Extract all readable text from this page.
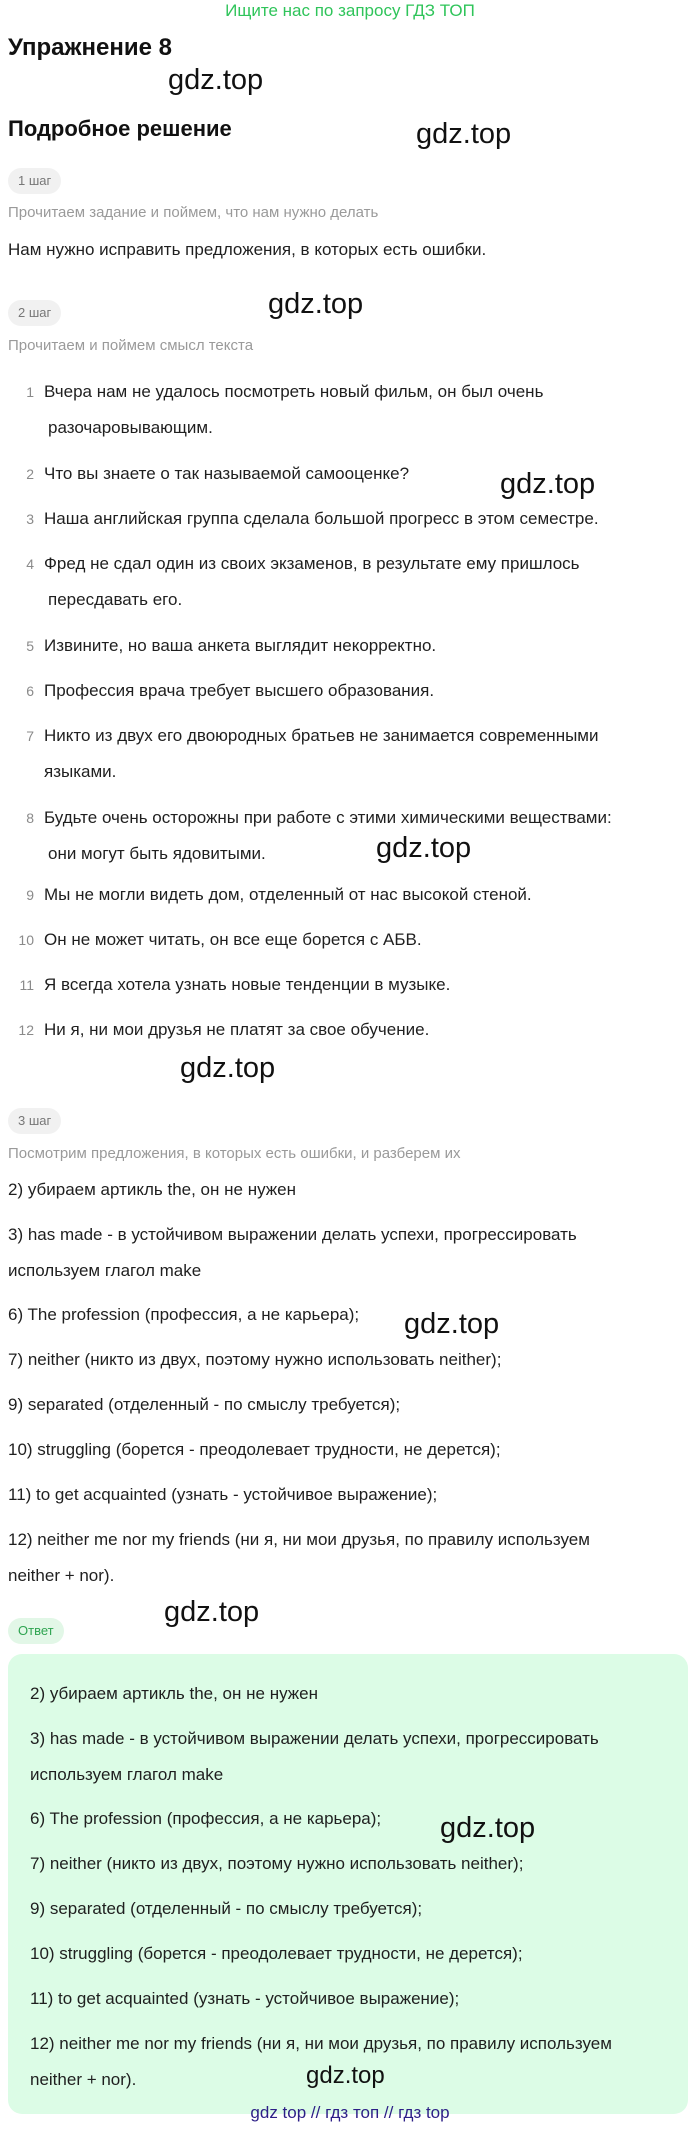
Ищите нас по запросу ГДЗ ТОП
Упражнение 8
Подробное решение
1 шаг
Прочитаем задание и поймем, что нам нужно делать
Нам нужно исправить предложения, в которых есть ошибки.
2 шаг
Прочитаем и поймем смысл текста
1 Вчера нам не удалось посмотреть новый фильм, он был очень
разочаровывающим.
2 Что вы знаете о так называемой самооценке?
3 Наша английская группа сделала большой прогресс в этом семестре.
4 Фред не сдал один из своих экзаменов, в результате ему пришлось
пересдавать его.
5 Извините, но ваша анкета выглядит некорректно.
6 Профессия врача требует высшего образования.
7 Никто из двух его двоюродных братьев не занимается современными
языками.
8 Будьте очень осторожны при работе с этими химическими веществами:
они могут быть ядовитыми.
9 Мы не могли видеть дом, отделенный от нас высокой стеной.
10 Он не может читать, он все еще борется с АБВ.
11 Я всегда хотела узнать новые тенденции в музыке.
12 Ни я, ни мои друзья не платят за свое обучение.
3 шаг
Посмотрим предложения, в которых есть ошибки, и разберем их
2) убираем артикль the, он не нужен
3) has made - в устойчивом выражении делать успехи, прогрессировать
используем глагол make
6) The profession (профессия, а не карьера);
7) neither (никто из двух, поэтому нужно использовать neither);
9) separated (отделенный - по смыслу требуется);
10) struggling (борется - преодолевает трудности, не дерется);
11) to get acquainted (узнать - устойчивое выражение);
12) neither me nor my friends (ни я, ни мои друзья, по правилу используем
neither + nor).
Ответ
2) убираем артикль the, он не нужен
3) has made - в устойчивом выражении делать успехи, прогрессировать
используем глагол make
6) The profession (профессия, а не карьера);
7) neither (никто из двух, поэтому нужно использовать neither);
9) separated (отделенный - по смыслу требуется);
10) struggling (борется - преодолевает трудности, не дерется);
11) to get acquainted (узнать - устойчивое выражение);
12) neither me nor my friends (ни я, ни мои друзья, по правилу используем
neither + nor).
gdz.top
gdz.top
gdz.top
gdz.top
gdz.top
gdz.top
gdz.top
gdz.top
gdz.top
gdz.top
gdz top // гдз топ // гдз top
